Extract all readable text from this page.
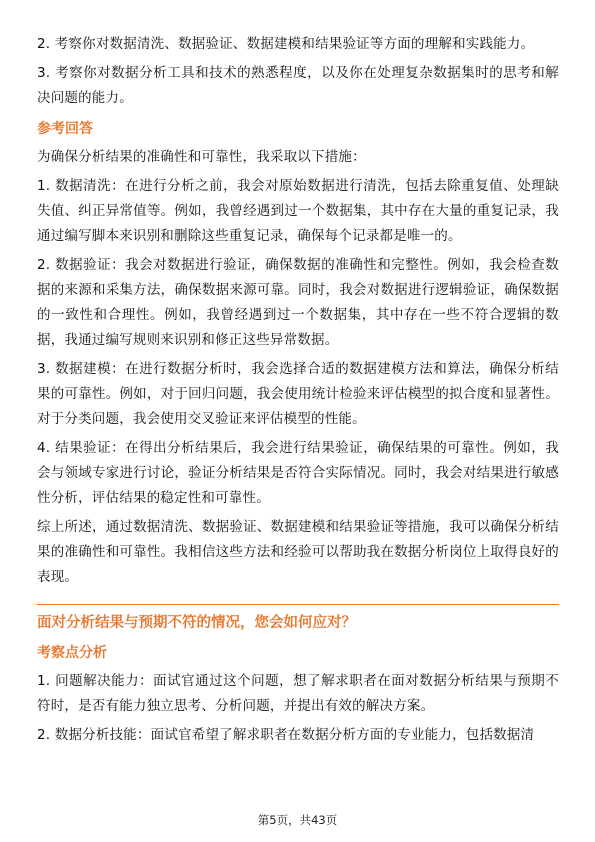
2. 考察你对数据清洗、数据验证、数据建模和结果验证等方面的理解和实践能力。

3. 考察你对数据分析工具和技术的熟悉程度，以及你在处理复杂数据集时的思考和解决问题的能力。

参考回答

为确保分析结果的准确性和可靠性，我采取以下措施：

1. 数据清洗：在进行分析之前，我会对原始数据进行清洗，包括去除重复值、处理缺失值、纠正异常值等。例如，我曾经遇到过一个数据集，其中存在大量的重复记录，我通过编写脚本来识别和删除这些重复记录，确保每个记录都是唯一的。

2. 数据验证：我会对数据进行验证，确保数据的准确性和完整性。例如，我会检查数据的来源和采集方法，确保数据来源可靠。同时，我会对数据进行逻辑验证，确保数据的一致性和合理性。例如，我曾经遇到过一个数据集，其中存在一些不符合逻辑的数据，我通过编写规则来识别和修正这些异常数据。

3. 数据建模：在进行数据分析时，我会选择合适的数据建模方法和算法，确保分析结果的可靠性。例如，对于回归问题，我会使用统计检验来评估模型的拟合度和显著性。对于分类问题，我会使用交叉验证来评估模型的性能。

4. 结果验证：在得出分析结果后，我会进行结果验证，确保结果的可靠性。例如，我会与领域专家进行讨论，验证分析结果是否符合实际情况。同时，我会对结果进行敏感性分析，评估结果的稳定性和可靠性。

综上所述，通过数据清洗、数据验证、数据建模和结果验证等措施，我可以确保分析结果的准确性和可靠性。我相信这些方法和经验可以帮助我在数据分析岗位上取得良好的表现。

面对分析结果与预期不符的情况，您会如何应对？
考察点分析

1. 问题解决能力：面试官通过这个问题，想了解求职者在面对数据分析结果与预期不符时，是否有能力独立思考、分析问题，并提出有效的解决方案。

2. 数据分析技能：面试官希望了解求职者在数据分析方面的专业能力，包括数据清

第5页，共43页
